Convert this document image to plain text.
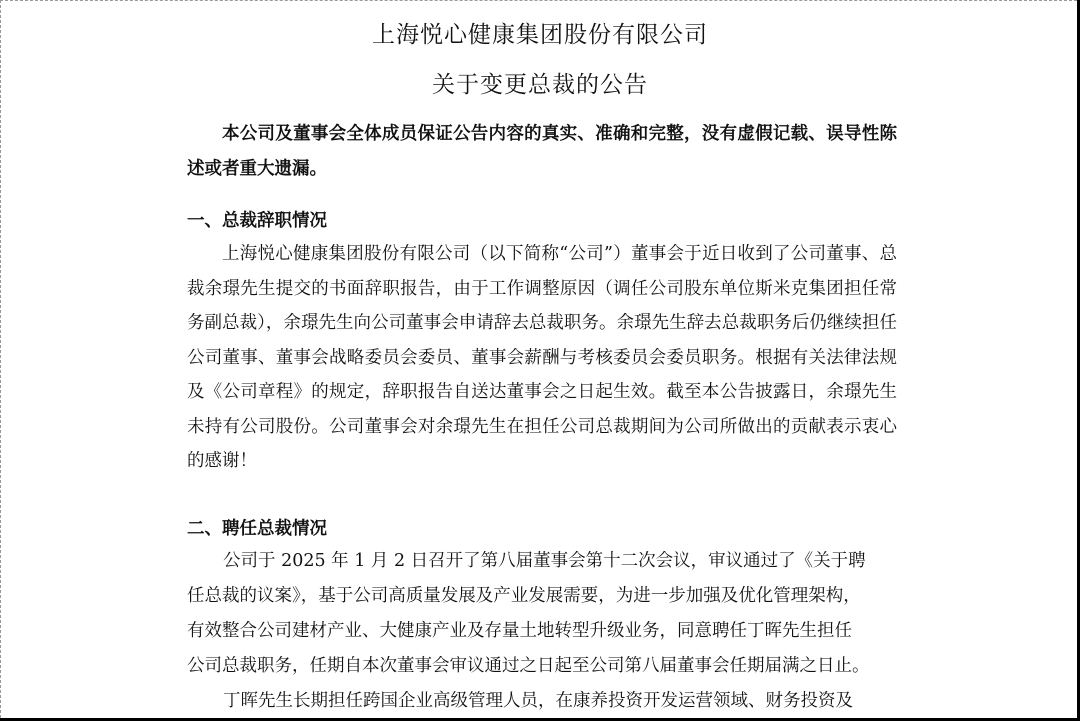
上海悦心健康集团股份有限公司
关于变更总裁的公告
本公司及董事会全体成员保证公告内容的真实、准确和完整，没有虚假记载、误导性陈述或者重大遗漏。
一、总裁辞职情况
上海悦心健康集团股份有限公司（以下简称“公司”）董事会于近日收到了公司董事、总裁余璟先生提交的书面辞职报告，由于工作调整原因（调任公司股东单位斯米克集团担任常务副总裁），余璟先生向公司董事会申请辞去总裁职务。余璟先生辞去总裁职务后仍继续担任公司董事、董事会战略委员会委员、董事会薪酬与考核委员会委员职务。根据有关法律法规及《公司章程》的规定，辞职报告自送达董事会之日起生效。截至本公告披露日，余璟先生未持有公司股份。公司董事会对余璟先生在担任公司总裁期间为公司所做出的贡献表示衷心的感谢！
二、聘任总裁情况
公司于 2025 年 1 月 2 日召开了第八届董事会第十二次会议，审议通过了《关于聘
任总裁的议案》，基于公司高质量发展及产业发展需要，为进一步加强及优化管理架构，
有效整合公司建材产业、大健康产业及存量土地转型升级业务，同意聘任丁晖先生担任
公司总裁职务，任期自本次董事会审议通过之日起至公司第八届董事会任期届满之日止。
丁晖先生长期担任跨国企业高级管理人员，在康养投资开发运营领域、财务投资及
